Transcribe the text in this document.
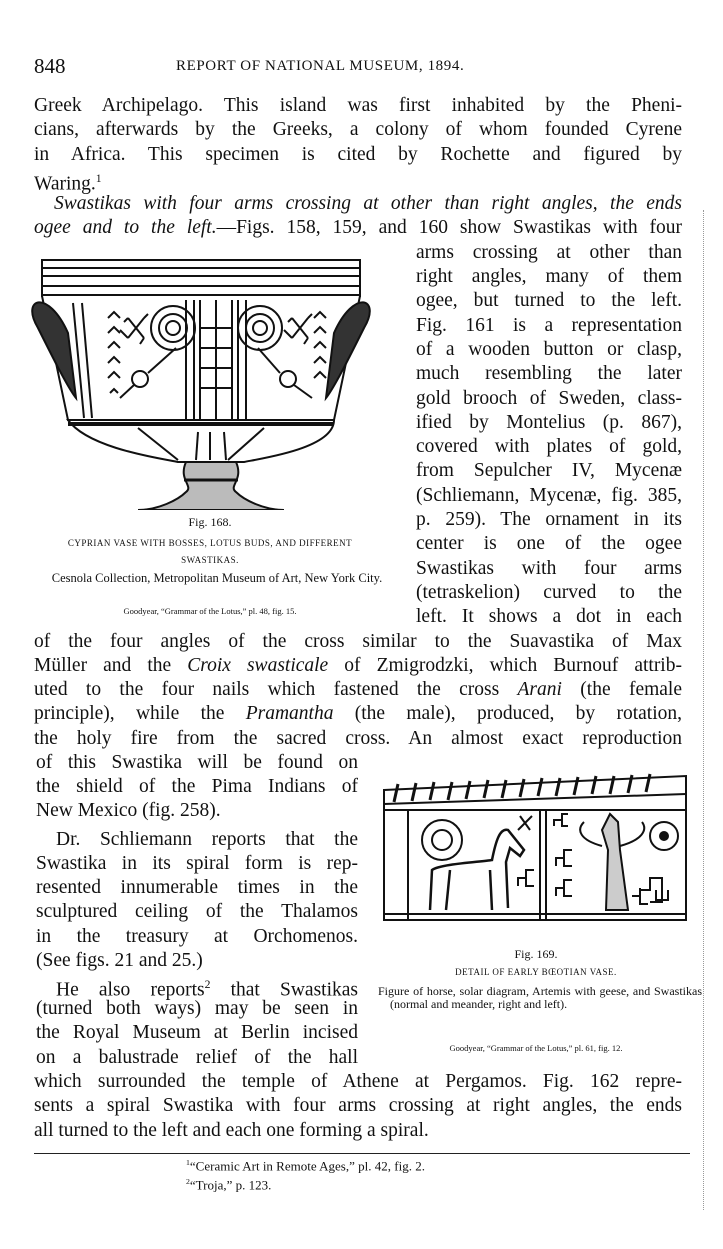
848	REPORT OF NATIONAL MUSEUM, 1894.
Greek Archipelago. This island was first inhabited by the Pheni-
cians, afterwards by the Greeks, a colony of whom founded Cyrene
in Africa. This specimen is cited by Rochette and figured by
Waring.$^1$
Swastikas with four arms crossing at other than right angles, the ends
ogee and to the left.—Figs. 158, 159, and 160 show Swastikas with four
Fig. 168.
CYPRIAN VASE WITH BOSSES, LOTUS BUDS, AND DIFFERENT
SWASTIKAS.
Cesnola Collection, Metropolitan Museum of Art, New York City.
Goodyear, “Grammar of the Lotus,” pl. 48, fig. 15.
arms crossing at other than
right angles, many of them
ogee, but turned to the left.
Fig. 161 is a representation
of a wooden button or clasp,
much resembling the later
gold brooch of Sweden, class-
ified by Montelius (p. 867),
covered with plates of gold,
from Sepulcher IV, Mycenæ
(Schliemann, Mycenæ, fig. 385,
p. 259). The ornament in its
center is one of the ogee
Swastikas with four arms
(tetraskelion) curved to the
left. It shows a dot in each
of the four angles of the cross similar to the Suavastika of Max
Müller and the Croix swasticale of Zmigrodzki, which Burnouf attrib-
uted to the four nails which fastened the cross Arani (the female
principle), while the Pramantha (the male), produced, by rotation,
the holy fire from the sacred cross. An almost exact reproduction
of this Swastika will be found on
the shield of the Pima Indians of
New Mexico (fig. 258).
Dr. Schliemann reports that the
Swastika in its spiral form is rep-
resented innumerable times in the
sculptured ceiling of the Thalamos
in the treasury at Orchomenos.
(See figs. 21 and 25.)
He also reports$^2$ that Swastikas
(turned both ways) may be seen in
the Royal Museum at Berlin incised
on a balustrade relief of the hall
which surrounded the temple of Athene at Pergamos. Fig. 162 repre-
sents a spiral Swastika with four arms crossing at right angles, the ends
all turned to the left and each one forming a spiral.
Fig. 169.
DETAIL OF EARLY BŒOTIAN VASE.
Figure of horse, solar diagram, Artemis with geese, and Swastikas (normal and meander, right and left).
Goodyear, “Grammar of the Lotus,” pl. 61, fig. 12.
$^1$“Ceramic Art in Remote Ages,” pl. 42, fig. 2.
$^2$“Troja,” p. 123.
